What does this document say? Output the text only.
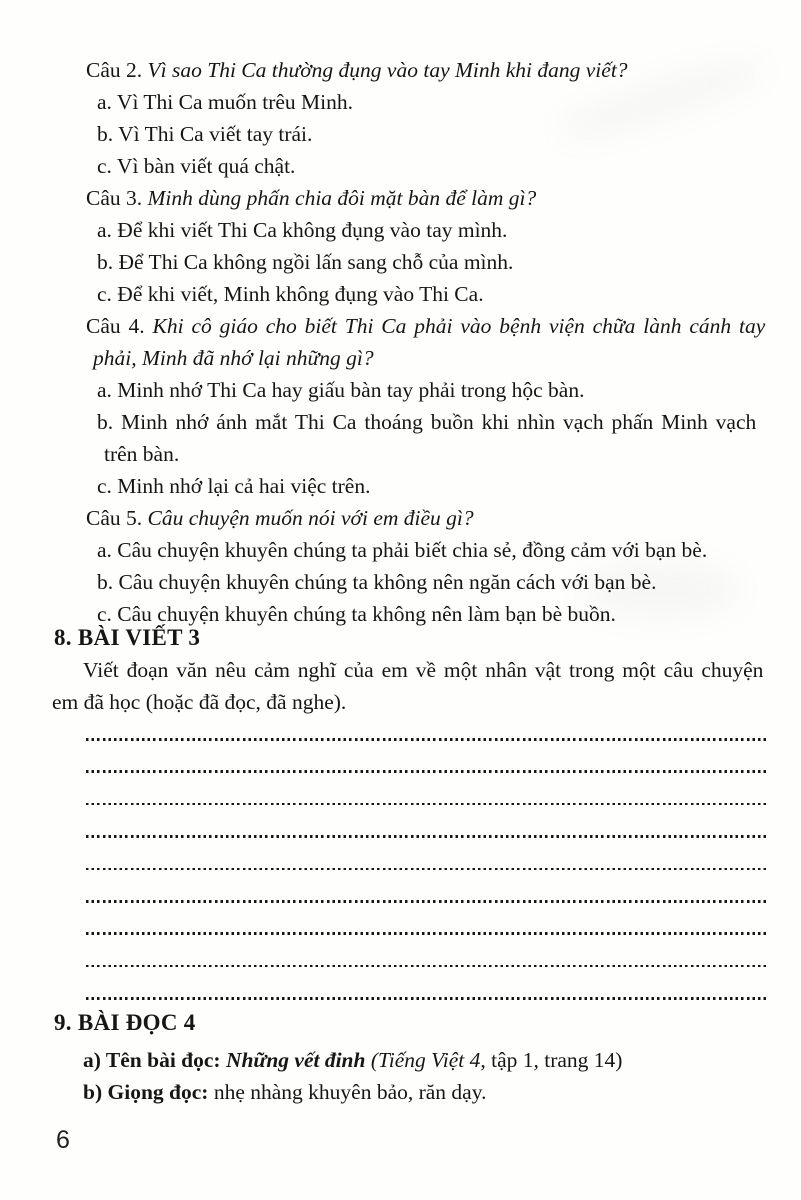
Câu 2. Vì sao Thi Ca thường đụng vào tay Minh khi đang viết?
a. Vì Thi Ca muốn trêu Minh.
b. Vì Thi Ca viết tay trái.
c. Vì bàn viết quá chật.
Câu 3. Minh dùng phấn chia đôi mặt bàn để làm gì?
a. Để khi viết Thi Ca không đụng vào tay mình.
b. Để Thi Ca không ngồi lấn sang chỗ của mình.
c. Để khi viết, Minh không đụng vào Thi Ca.
Câu 4. Khi cô giáo cho biết Thi Ca phải vào bệnh viện chữa lành cánh tay
phải, Minh đã nhớ lại những gì?
a. Minh nhớ Thi Ca hay giấu bàn tay phải trong hộc bàn.
b. Minh nhớ ánh mắt Thi Ca thoáng buồn khi nhìn vạch phấn Minh vạch
trên bàn.
c. Minh nhớ lại cả hai việc trên.
Câu 5. Câu chuyện muốn nói với em điều gì?
a. Câu chuyện khuyên chúng ta phải biết chia sẻ, đồng cảm với bạn bè.
b. Câu chuyện khuyên chúng ta không nên ngăn cách với bạn bè.
c. Câu chuyện khuyên chúng ta không nên làm bạn bè buồn.
8. BÀI VIẾT 3
Viết đoạn văn nêu cảm nghĩ của em về một nhân vật trong một câu chuyện
em đã học (hoặc đã đọc, đã nghe).
9. BÀI ĐỌC 4
a) Tên bài đọc: Những vết đinh (Tiếng Việt 4, tập 1, trang 14)
b) Giọng đọc: nhẹ nhàng khuyên bảo, răn dạy.
6
